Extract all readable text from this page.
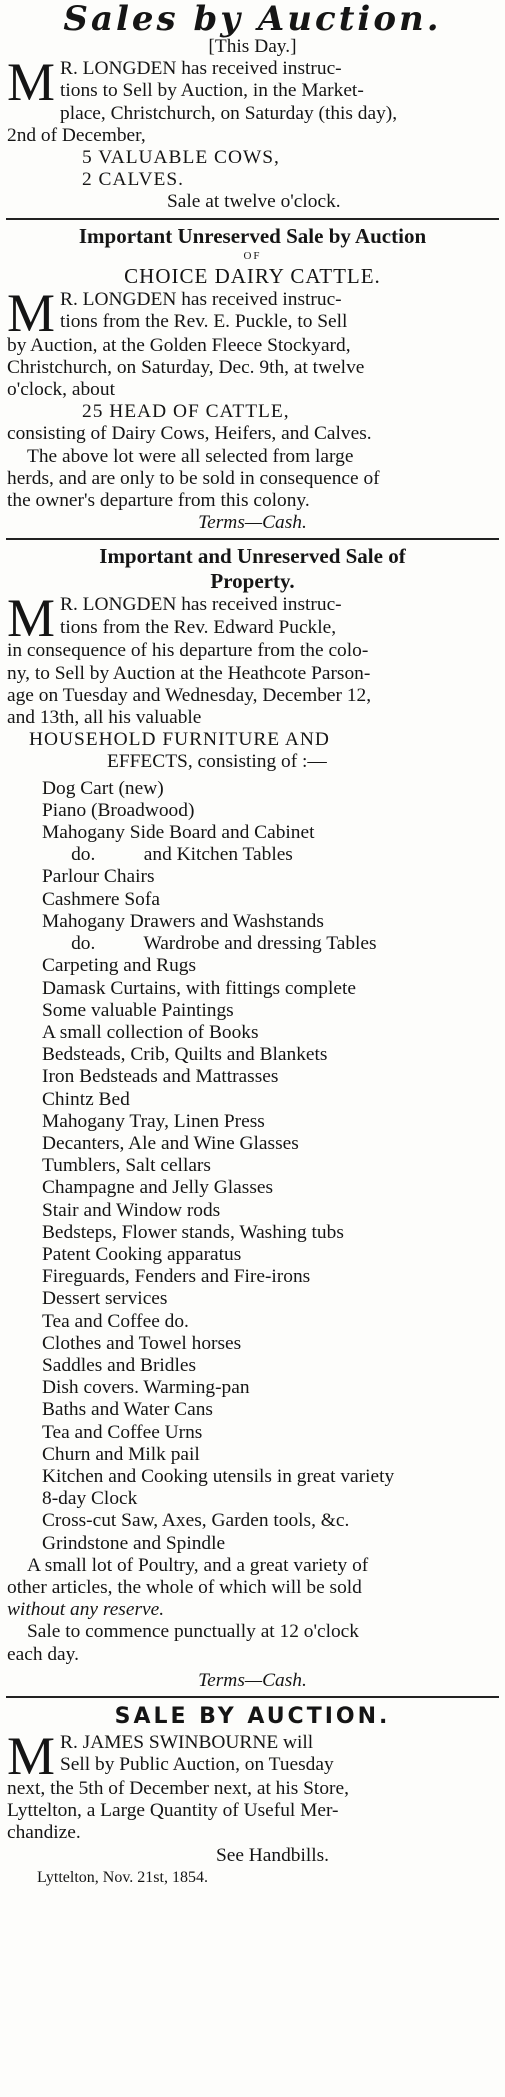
Sales by Auction.

[This Day.]

M R. LONGDEN has received instruc-

tions to Sell by Auction, in the Market-

place, Christchurch, on Saturday (this day),

2nd of December,

5 VALUABLE COWS,

2 CALVES.

Sale at twelve o'clock.

Important Unreserved Sale by Auction

OF

CHOICE DAIRY CATTLE.

M R. LONGDEN has received instruc-

tions from the Rev. E. Puckle, to Sell

by Auction, at the Golden Fleece Stockyard,

Christchurch, on Saturday, Dec. 9th, at twelve

o'clock, about

25 HEAD OF CATTLE,

consisting of Dairy Cows, Heifers, and Calves.

The above lot were all selected from large

herds, and are only to be sold in consequence of

the owner's departure from this colony.

Terms—Cash.

Important and Unreserved Sale of

Property.

M R. LONGDEN has received instruc-

tions from the Rev. Edward Puckle,

in consequence of his departure from the colo-

ny, to Sell by Auction at the Heathcote Parson-

age on Tuesday and Wednesday, December 12,

and 13th, all his valuable

HOUSEHOLD FURNITURE AND

EFFECTS, consisting of :—

Dog Cart (new)

Piano (Broadwood)

Mahogany Side Board and Cabinet

do.          and Kitchen Tables

Parlour Chairs

Cashmere Sofa

Mahogany Drawers and Washstands

do.          Wardrobe and dressing Tables

Carpeting and Rugs

Damask Curtains, with fittings complete

Some valuable Paintings

A small collection of Books

Bedsteads, Crib, Quilts and Blankets

Iron Bedsteads and Mattrasses

Chintz Bed

Mahogany Tray, Linen Press

Decanters, Ale and Wine Glasses

Tumblers, Salt cellars

Champagne and Jelly Glasses

Stair and Window rods

Bedsteps, Flower stands, Washing tubs

Patent Cooking apparatus

Fireguards, Fenders and Fire-irons

Dessert services

Tea and Coffee do.

Clothes and Towel horses

Saddles and Bridles

Dish covers. Warming-pan

Baths and Water Cans

Tea and Coffee Urns

Churn and Milk pail

Kitchen and Cooking utensils in great variety

8-day Clock

Cross-cut Saw, Axes, Garden tools, &c.

Grindstone and Spindle

A small lot of Poultry, and a great variety of

other articles, the whole of which will be sold

without any reserve.

Sale to commence punctually at 12 o'clock

each day.

Terms—Cash.

SALE BY AUCTION.

M R. JAMES SWINBOURNE will

Sell by Public Auction, on Tuesday

next, the 5th of December next, at his Store,

Lyttelton, a Large Quantity of Useful Mer-

chandize.

See Handbills.

Lyttelton, Nov. 21st, 1854.
